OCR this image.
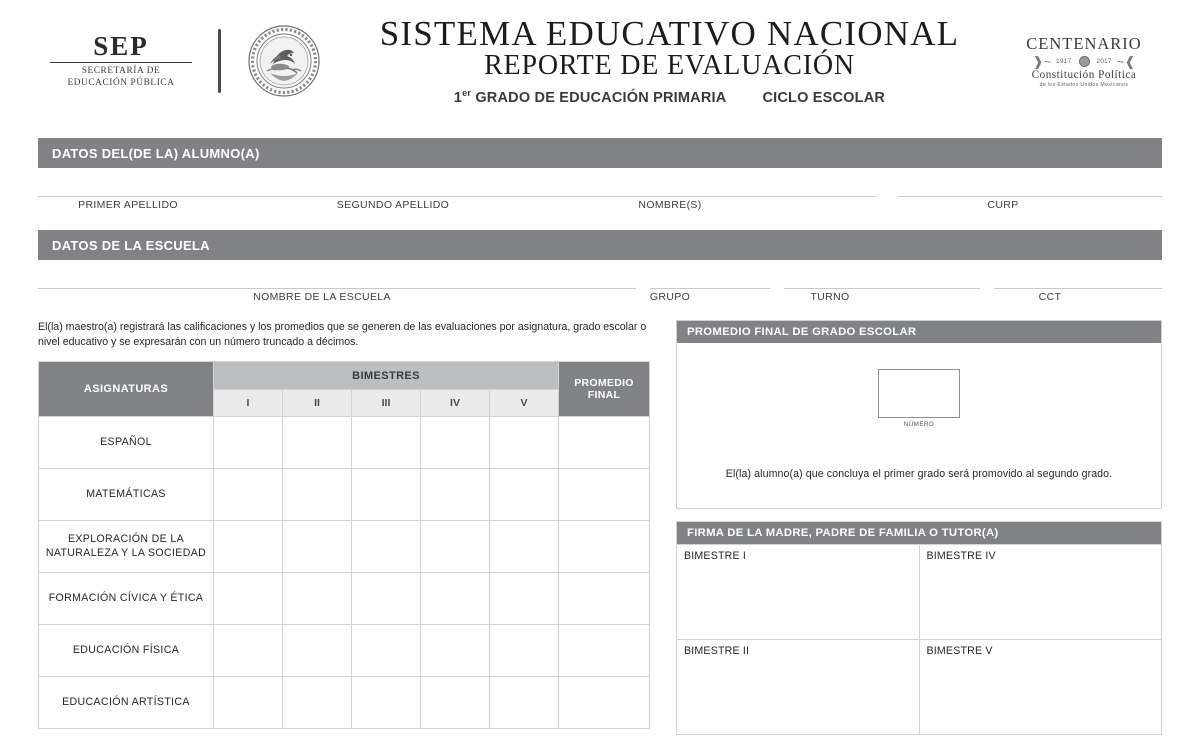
SEP
SECRETARÍA DE
EDUCACIÓN PÚBLICA
SISTEMA EDUCATIVO NACIONAL
REPORTE DE EVALUACIÓN
1er GRADO DE EDUCACIÓN PRIMARIA CICLO ESCOLAR
CENTENARIO
❱~ 1917	2017 ~❰
Constitución Política
de los Estados Unidos Mexicanos
DATOS DEL(DE LA) ALUMNO(A)
PRIMER APELLIDO	SEGUNDO APELLIDO	NOMBRE(S)	CURP
DATOS DE LA ESCUELA
NOMBRE DE LA ESCUELA	GRUPO	TURNO	CCT
El(la) maestro(a) registrará las calificaciones y los promedios que se generen de las evaluaciones por asignatura, grado escolar o nivel educativo y se expresarán con un número truncado a décimos.
ASIGNATURAS	BIMESTRES					PROMEDIO
FINAL
	I	II	III	IV	V	
ESPAÑOL						
MATEMÁTICAS						
EXPLORACIÓN DE LA NATURALEZA Y LA SOCIEDAD						
FORMACIÓN CÍVICA Y ÉTICA						
EDUCACIÓN FÍSICA						
EDUCACIÓN ARTÍSTICA						
PROMEDIO FINAL DE GRADO ESCOLAR
NÚMERO
El(la) alumno(a) que concluya el primer grado será promovido al segundo grado.
FIRMA DE LA MADRE, PADRE DE FAMILIA O TUTOR(A)
BIMESTRE I	BIMESTRE IV
BIMESTRE II	BIMESTRE V
